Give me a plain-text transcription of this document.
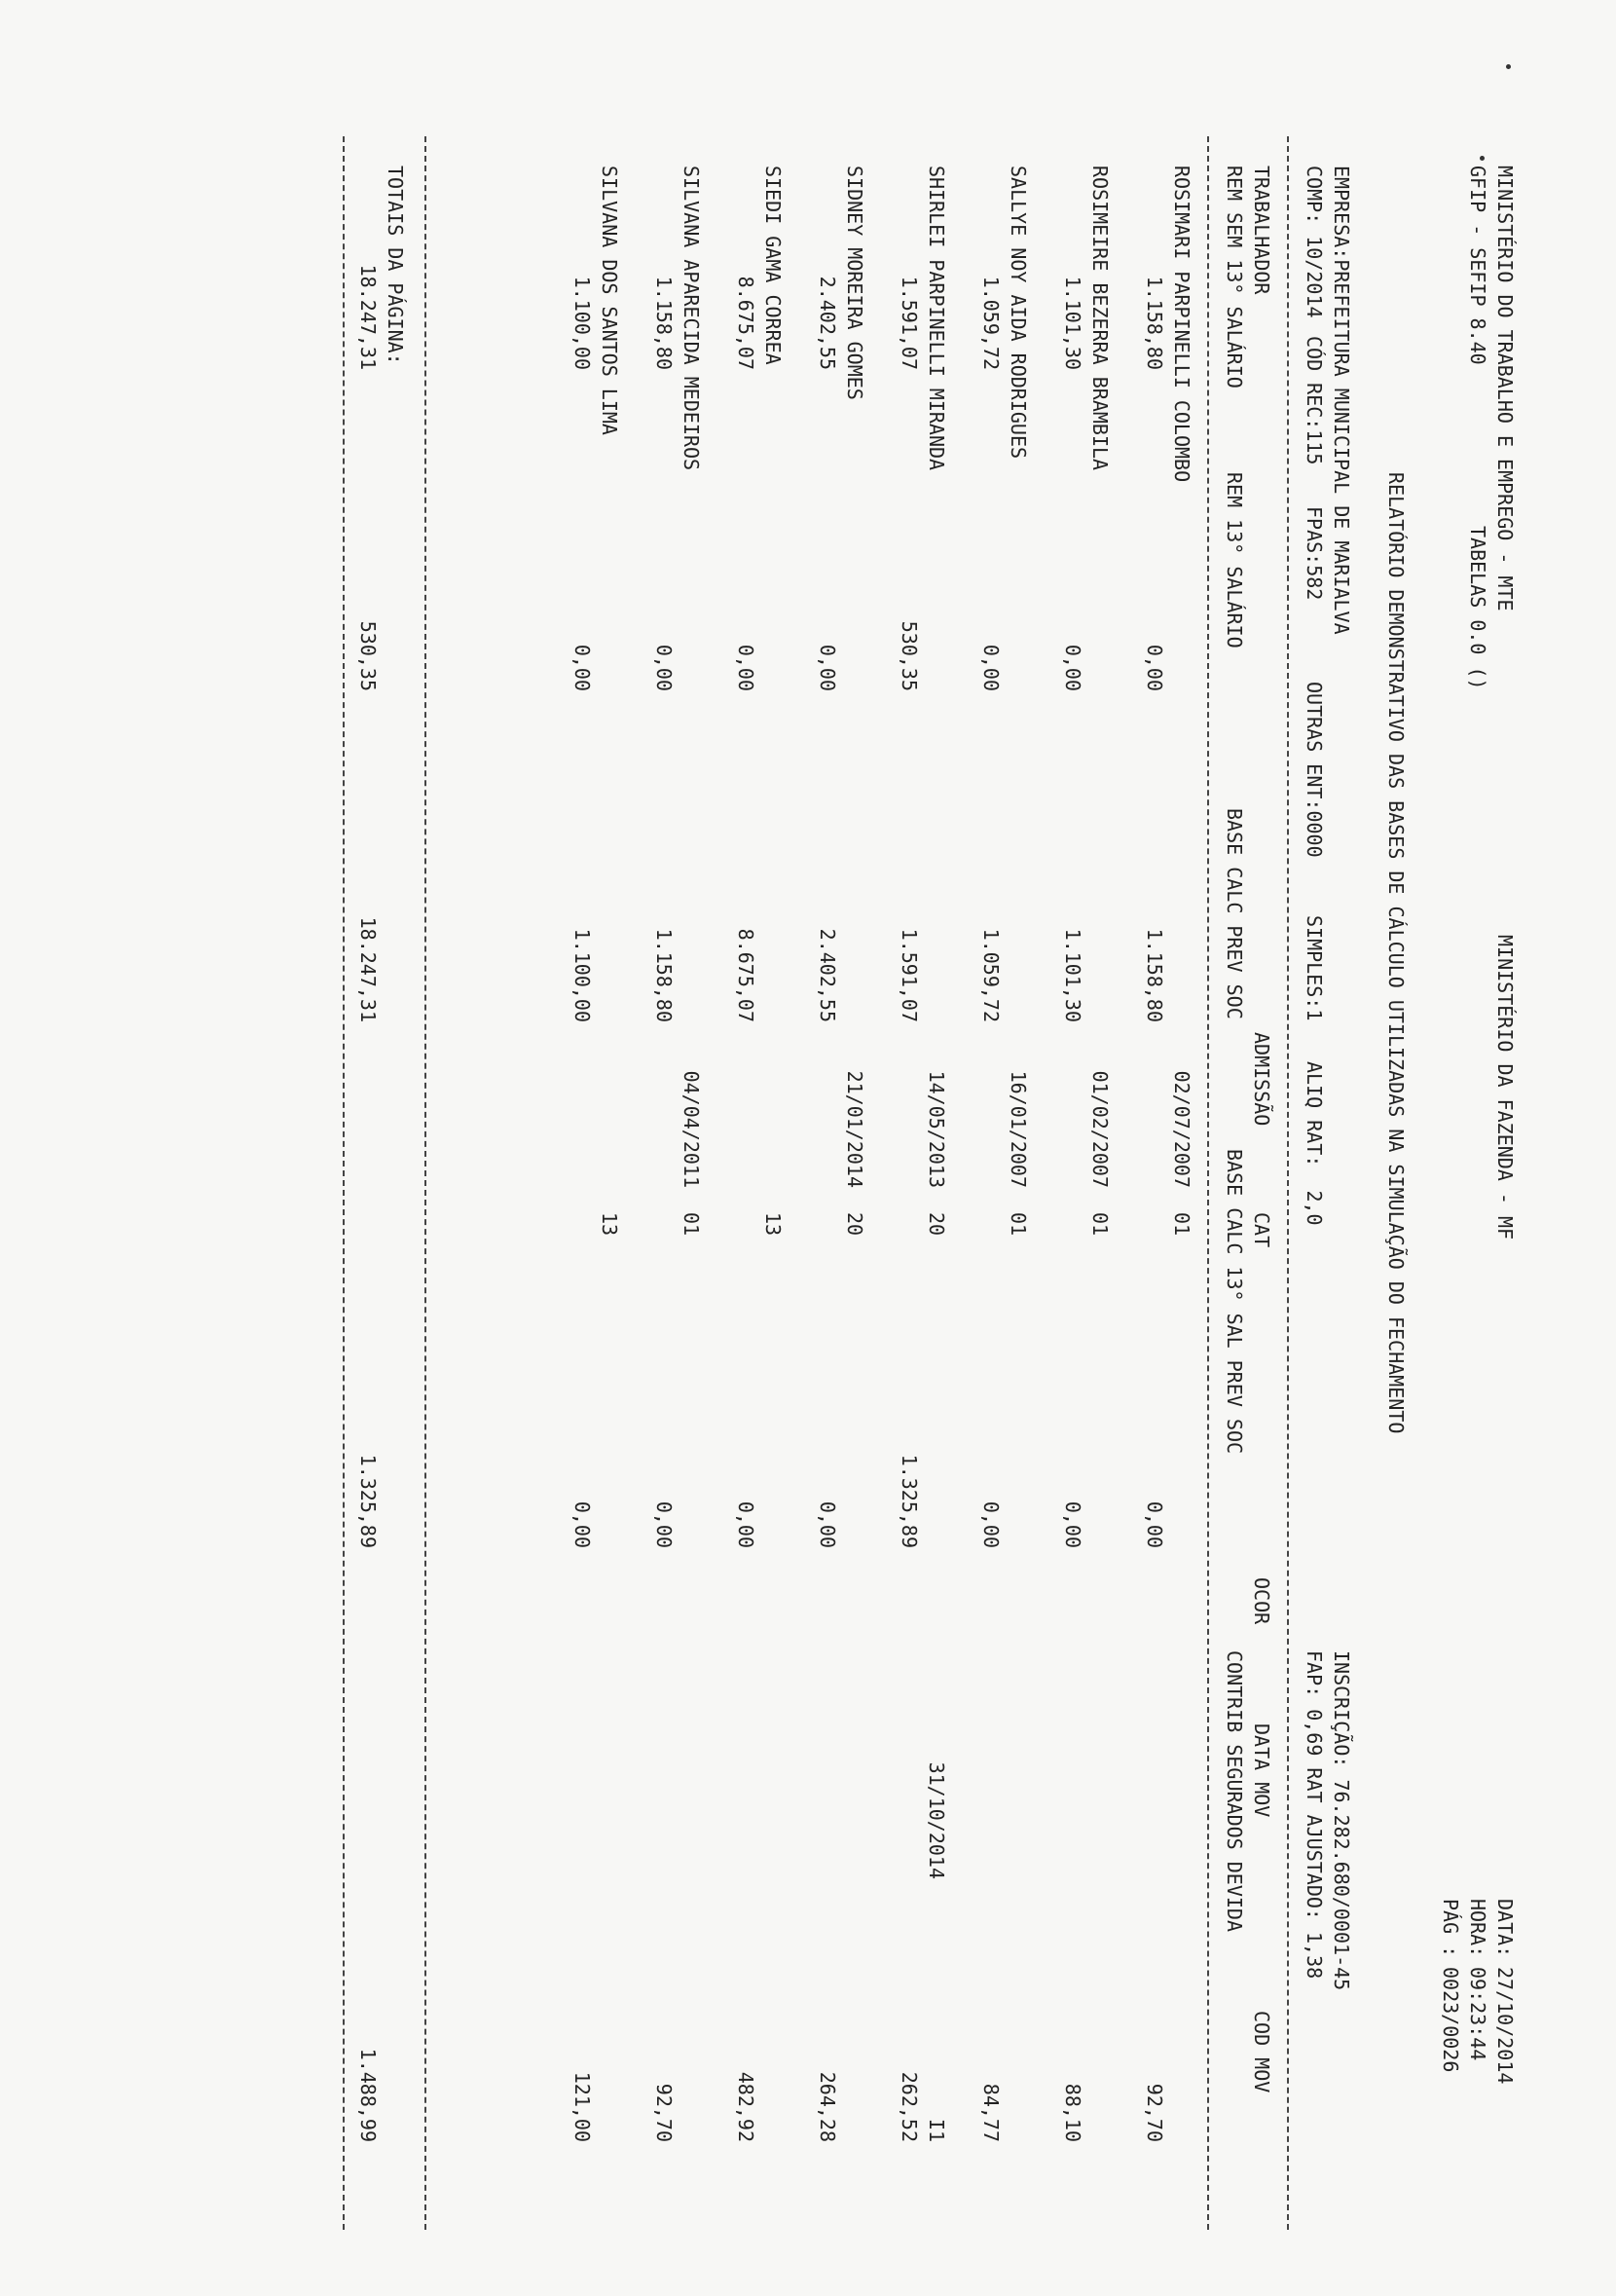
MINISTÉRIO DO TRABALHO E EMPREGO - MTE

MINISTÉRIO DA FAZENDA - MF

DATA:

27/10/2014

GFIP - SEFIP 8.40

TABELAS 0.0 ()

HORA:

09:23:44

PÁG :

0023/0026

RELATÓRIO DEMONSTRATIVO DAS BASES DE CÁLCULO UTILIZADAS NA SIMULAÇÃO DO FECHAMENTO

EMPRESA:PREFEITURA MUNICIPAL DE MARIALVA

INSCRIÇÃO: 76.282.680/0001-45

COMP: 10/2014

CÓD REC:115

FPAS:582

OUTRAS ENT:0000

SIMPLES:1

ALIQ RAT:  2,0

FAP: 0,69 RAT AJUSTADO: 1,38

TRABALHADOR

ADMISSÃO

CAT

OCOR

DATA MOV

COD MOV

REM SEM 13° SALÁRIO

REM 13° SALÁRIO

BASE CALC PREV SOC

BASE CALC 13° SAL PREV SOC

CONTRIB SEGURADOS DEVIDA

ROSIMARI PARPINELLI COLOMBO
02/07/2007
01
1.158,80
0,00
1.158,80
0,00
92,70
ROSIMEIRE BEZERRA BRAMBILA
01/02/2007
01
1.101,30
0,00
1.101,30
0,00
88,10
SALLYE NOY AIDA RODRIGUES
16/01/2007
01
1.059,72
0,00
1.059,72
0,00
84,77
SHIRLEI PARPINELLI MIRANDA
14/05/2013
20
31/10/2014
I1
1.591,07
530,35
1.591,07
1.325,89
262,52
SIDNEY MOREIRA GOMES
21/01/2014
20
2.402,55
0,00
2.402,55
0,00
264,28
SIEDI GAMA CORREA
13
8.675,07
0,00
8.675,07
0,00
482,92
SILVANA APARECIDA MEDEIROS
04/04/2011
01
1.158,80
0,00
1.158,80
0,00
92,70
SILVANA DOS SANTOS LIMA
13
1.100,00
0,00
1.100,00
0,00
121,00

TOTAIS DA PÁGINA:

18.247,31

530,35

18.247,31

1.325,89

1.488,99
